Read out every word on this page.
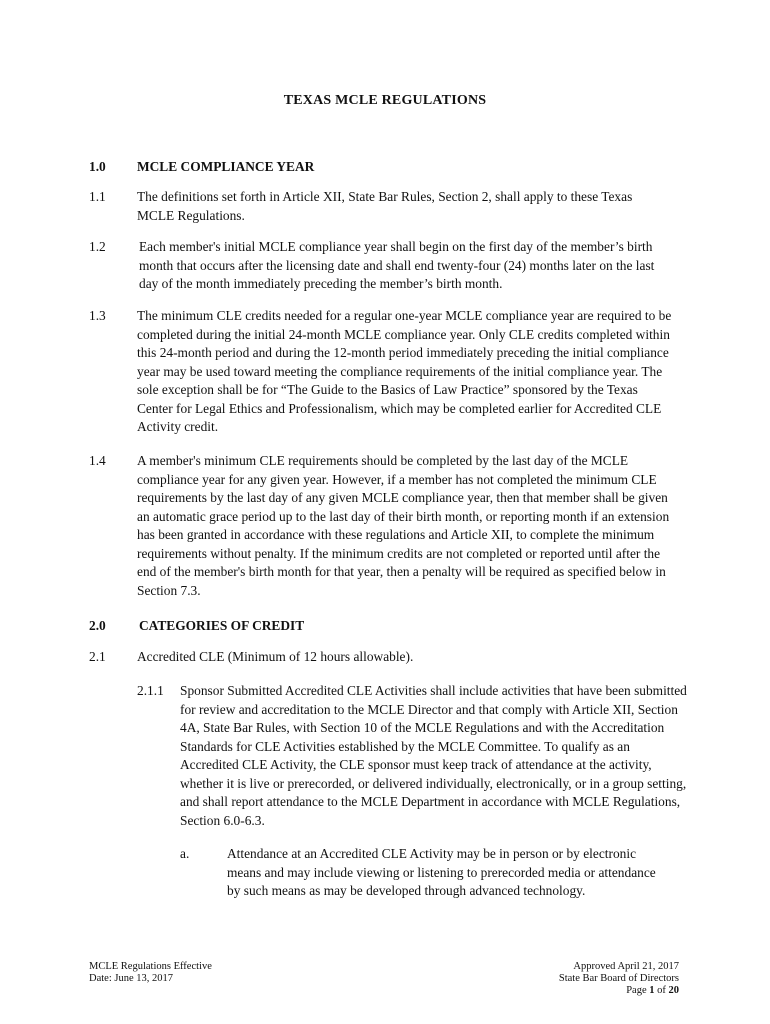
TEXAS MCLE REGULATIONS
1.0 MCLE COMPLIANCE YEAR
1.1 The definitions set forth in Article XII, State Bar Rules, Section 2, shall apply to these Texas MCLE Regulations.
1.2 Each member's initial MCLE compliance year shall begin on the first day of the member’s birth month that occurs after the licensing date and shall end twenty-four (24) months later on the last day of the month immediately preceding the member’s birth month.
1.3 The minimum CLE credits needed for a regular one-year MCLE compliance year are required to be completed during the initial 24-month MCLE compliance year. Only CLE credits completed within this 24-month period and during the 12-month period immediately preceding the initial compliance year may be used toward meeting the compliance requirements of the initial compliance year. The sole exception shall be for “The Guide to the Basics of Law Practice” sponsored by the Texas Center for Legal Ethics and Professionalism, which may be completed earlier for Accredited CLE Activity credit.
1.4 A member's minimum CLE requirements should be completed by the last day of the MCLE compliance year for any given year. However, if a member has not completed the minimum CLE requirements by the last day of any given MCLE compliance year, then that member shall be given an automatic grace period up to the last day of their birth month, or reporting month if an extension has been granted in accordance with these regulations and Article XII, to complete the minimum requirements without penalty. If the minimum credits are not completed or reported until after the end of the member's birth month for that year, then a penalty will be required as specified below in Section 7.3.
2.0 CATEGORIES OF CREDIT
2.1 Accredited CLE (Minimum of 12 hours allowable).
2.1.1 Sponsor Submitted Accredited CLE Activities shall include activities that have been submitted for review and accreditation to the MCLE Director and that comply with Article XII, Section 4A, State Bar Rules, with Section 10 of the MCLE Regulations and with the Accreditation Standards for CLE Activities established by the MCLE Committee. To qualify as an Accredited CLE Activity, the CLE sponsor must keep track of attendance at the activity, whether it is live or prerecorded, or delivered individually, electronically, or in a group setting, and shall report attendance to the MCLE Department in accordance with MCLE Regulations, Section 6.0-6.3.
a.	Attendance at an Accredited CLE Activity may be in person or by electronic means and may include viewing or listening to prerecorded media or attendance by such means as may be developed through advanced technology.
MCLE Regulations Effective
Date: June 13, 2017
Approved April 21, 2017
State Bar Board of Directors
Page 1 of 20
